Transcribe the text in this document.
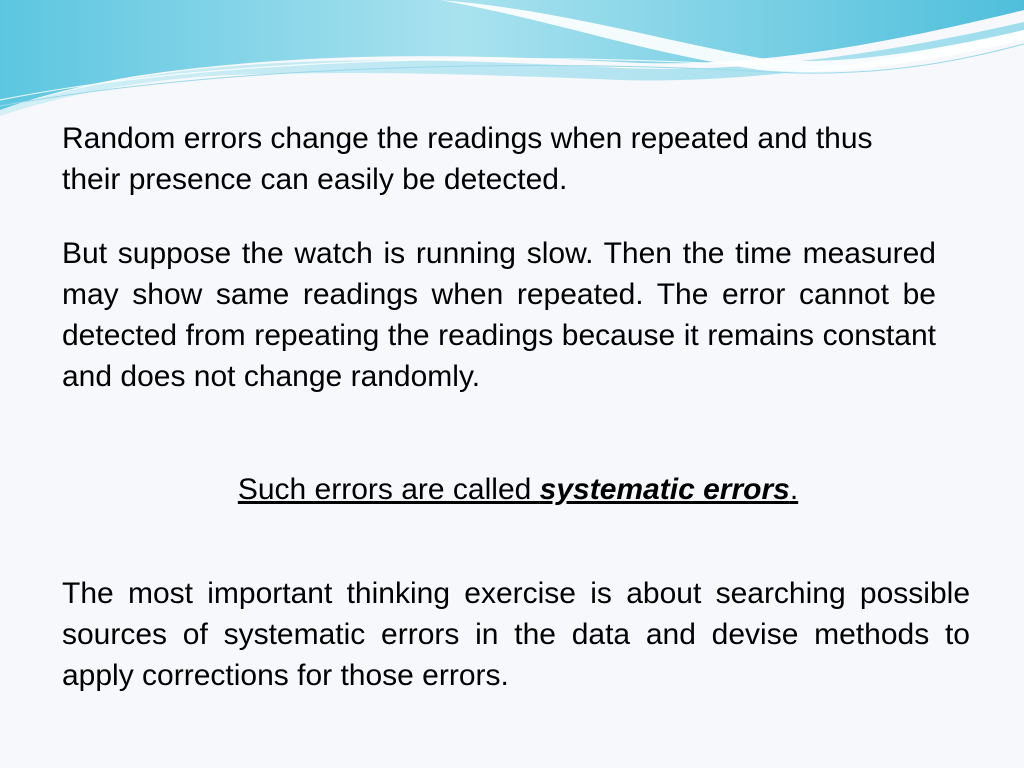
Random errors change the readings when repeated and thus their presence can easily be detected.

But suppose the watch is running slow. Then the time measured may show same readings when repeated. The error cannot be detected from repeating the readings because it remains constant and does not change randomly.

Such errors are called systematic errors.

The most important thinking exercise is about searching possible sources of systematic errors in the data and devise methods to apply corrections for those errors.
